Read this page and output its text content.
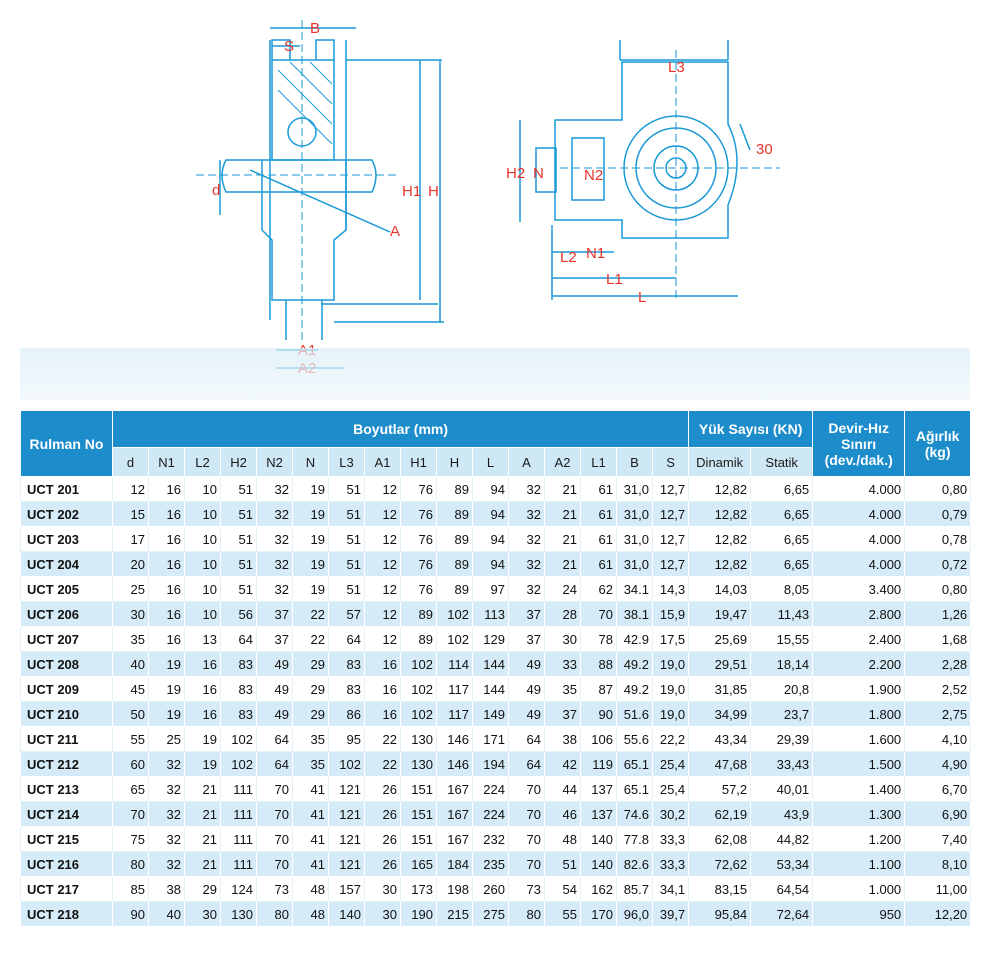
B
S
d	H1 H
A
L3
H2 N	N2
30
L2 N1
L1
L
Rulman No	Boyutlar (mm)																Yük Sayısı (KN)		Devir-Hız Sınırı (dev./dak.)	Ağırlık (kg)
	d	N1	L2	H2	N2	N	L3	A1	H1	H	L	A	A2	L1	B	S	Dinamik	Statik		
UCT 201	12	16	10	51	32	19	51	12	76	89	94	32	21	61	31,0	12,7	12,82	6,65	4.000	0,80
UCT 202	15	16	10	51	32	19	51	12	76	89	94	32	21	61	31,0	12,7	12,82	6,65	4.000	0,79
UCT 203	17	16	10	51	32	19	51	12	76	89	94	32	21	61	31,0	12,7	12,82	6,65	4.000	0,78
UCT 204	20	16	10	51	32	19	51	12	76	89	94	32	21	61	31,0	12,7	12,82	6,65	4.000	0,72
UCT 205	25	16	10	51	32	19	51	12	76	89	97	32	24	62	34.1	14,3	14,03	8,05	3.400	0,80
UCT 206	30	16	10	56	37	22	57	12	89	102	113	37	28	70	38.1	15,9	19,47	11,43	2.800	1,26
UCT 207	35	16	13	64	37	22	64	12	89	102	129	37	30	78	42.9	17,5	25,69	15,55	2.400	1,68
UCT 208	40	19	16	83	49	29	83	16	102	114	144	49	33	88	49.2	19,0	29,51	18,14	2.200	2,28
UCT 209	45	19	16	83	49	29	83	16	102	117	144	49	35	87	49.2	19,0	31,85	20,8	1.900	2,52
UCT 210	50	19	16	83	49	29	86	16	102	117	149	49	37	90	51.6	19,0	34,99	23,7	1.800	2,75
UCT 211	55	25	19	102	64	35	95	22	130	146	171	64	38	106	55.6	22,2	43,34	29,39	1.600	4,10
UCT 212	60	32	19	102	64	35	102	22	130	146	194	64	42	119	65.1	25,4	47,68	33,43	1.500	4,90
UCT 213	65	32	21	111	70	41	121	26	151	167	224	70	44	137	65.1	25,4	57,2	40,01	1.400	6,70
UCT 214	70	32	21	111	70	41	121	26	151	167	224	70	46	137	74.6	30,2	62,19	43,9	1.300	6,90
UCT 215	75	32	21	111	70	41	121	26	151	167	232	70	48	140	77.8	33,3	62,08	44,82	1.200	7,40
UCT 216	80	32	21	111	70	41	121	26	165	184	235	70	51	140	82.6	33,3	72,62	53,34	1.100	8,10
UCT 217	85	38	29	124	73	48	157	30	173	198	260	73	54	162	85.7	34,1	83,15	64,54	1.000	11,00
UCT 218	90	40	30	130	80	48	140	30	190	215	275	80	55	170	96,0	39,7	95,84	72,64	950	12,20
